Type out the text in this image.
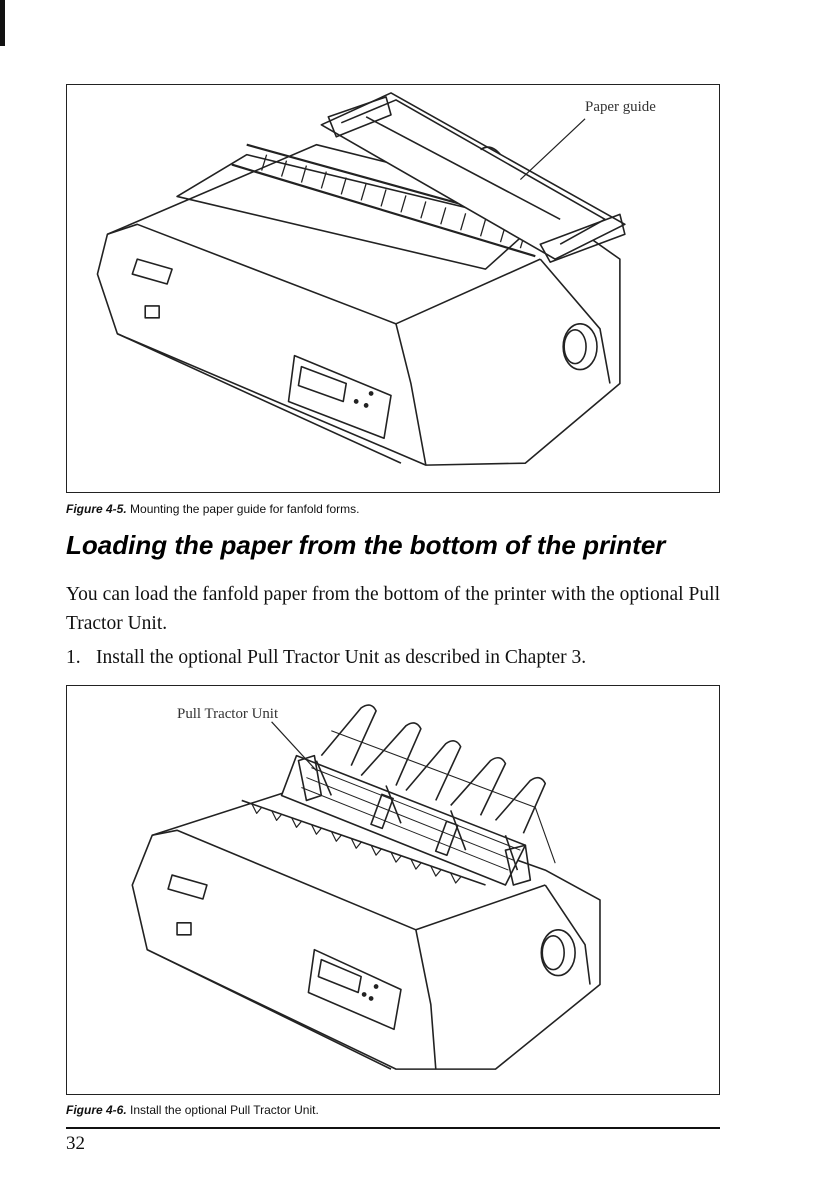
Paper guide
Figure 4-5. Mounting the paper guide for fanfold forms.
Loading the paper from the bottom of the printer

You can load the fanfold paper from the bottom of the printer with the optional Pull Tractor Unit.

1. Install the optional Pull Tractor Unit as described in Chapter 3.

Pull Tractor Unit
Figure 4-6. Install the optional Pull Tractor Unit.
32
